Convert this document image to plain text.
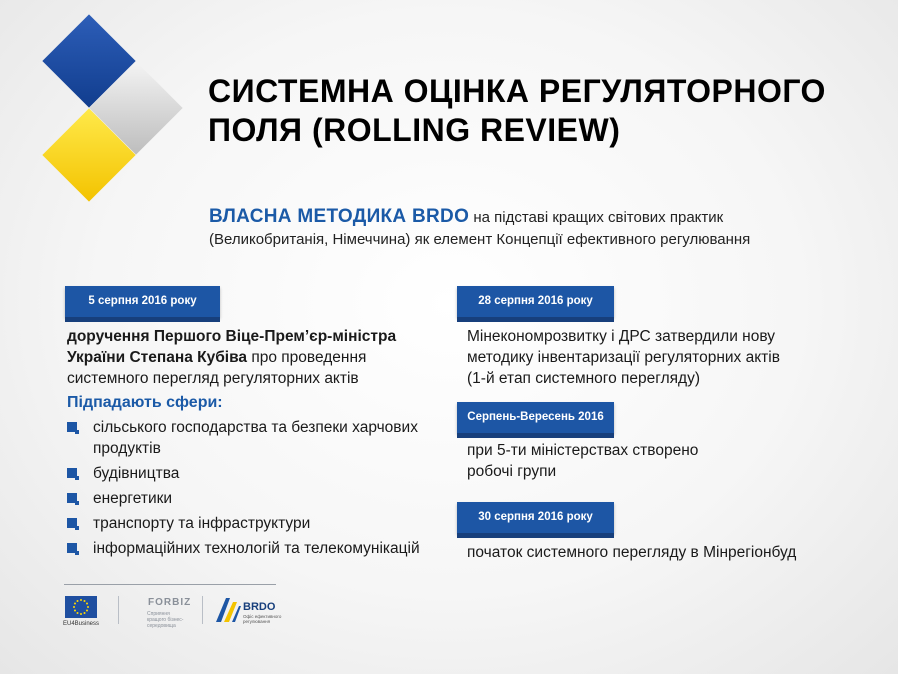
СИСТЕМНА ОЦІНКА РЕГУЛЯТОРНОГО
ПОЛЯ (ROLLING REVIEW)
ВЛАСНА МЕТОДИКА BRDO на підставі кращих світових практик
(Великобританія, Німеччина) як елемент Концепції ефективного регулювання
5 серпня 2016 року
доручення Першого Віце-Прем’єр-міністра
України Степана Кубіва про проведення
системного перегляд регуляторних актів
Підпадають сфери:
сільського господарства та безпеки харчових продуктів
будівництва
енергетики
транспорту та інфраструктури
інформаційних технологій та телекомунікацій
28 серпня 2016 року
Мінекономрозвитку і ДРС затвердили нову
методику інвентаризації регуляторних актів
(1-й етап системного перегляду)
Серпень-Вересень 2016
при 5-ти міністерствах створено
робочі групи
30 серпня 2016 року
початок системного перегляду в Мінрегіонбуд
EU4Business
FORBIZ
Сприяння кращого бізнес-середовища
BRDO
Офіс ефективного регулювання
